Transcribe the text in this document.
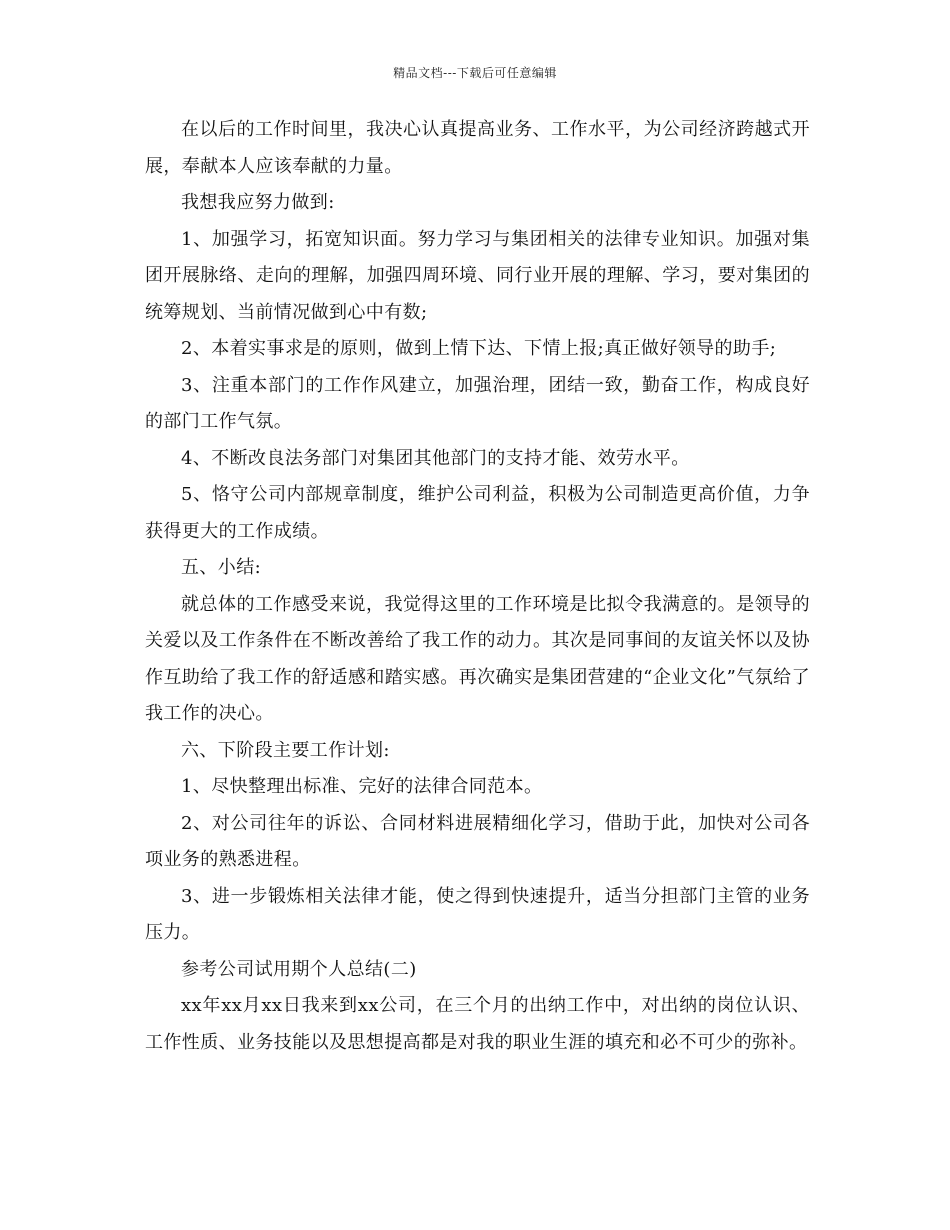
精品文档---下载后可任意编辑

在以后的工作时间里，我决心认真提高业务、工作水平，为公司经济跨越式开展，奉献本人应该奉献的力量。

我想我应努力做到:

1、加强学习，拓宽知识面。努力学习与集团相关的法律专业知识。加强对集团开展脉络、走向的理解，加强四周环境、同行业开展的理解、学习，要对集团的统筹规划、当前情况做到心中有数;

2、本着实事求是的原则，做到上情下达、下情上报;真正做好领导的助手;

3、注重本部门的工作作风建立，加强治理，团结一致，勤奋工作，构成良好的部门工作气氛。

4、不断改良法务部门对集团其他部门的支持才能、效劳水平。

5、恪守公司内部规章制度，维护公司利益，积极为公司制造更高价值，力争获得更大的工作成绩。

五、小结:

就总体的工作感受来说，我觉得这里的工作环境是比拟令我满意的。是领导的关爱以及工作条件在不断改善给了我工作的动力。其次是同事间的友谊关怀以及协作互助给了我工作的舒适感和踏实感。再次确实是集团营建的“企业文化”气氛给了我工作的决心。

六、下阶段主要工作计划:

1、尽快整理出标准、完好的法律合同范本。

2、对公司往年的诉讼、合同材料进展精细化学习，借助于此，加快对公司各项业务的熟悉进程。

3、进一步锻炼相关法律才能，使之得到快速提升，适当分担部门主管的业务压力。

参考公司试用期个人总结(二)

xx年xx月xx日我来到xx公司，在三个月的出纳工作中，对出纳的岗位认识、工作性质、业务技能以及思想提高都是对我的职业生涯的填充和必不可少的弥补。
